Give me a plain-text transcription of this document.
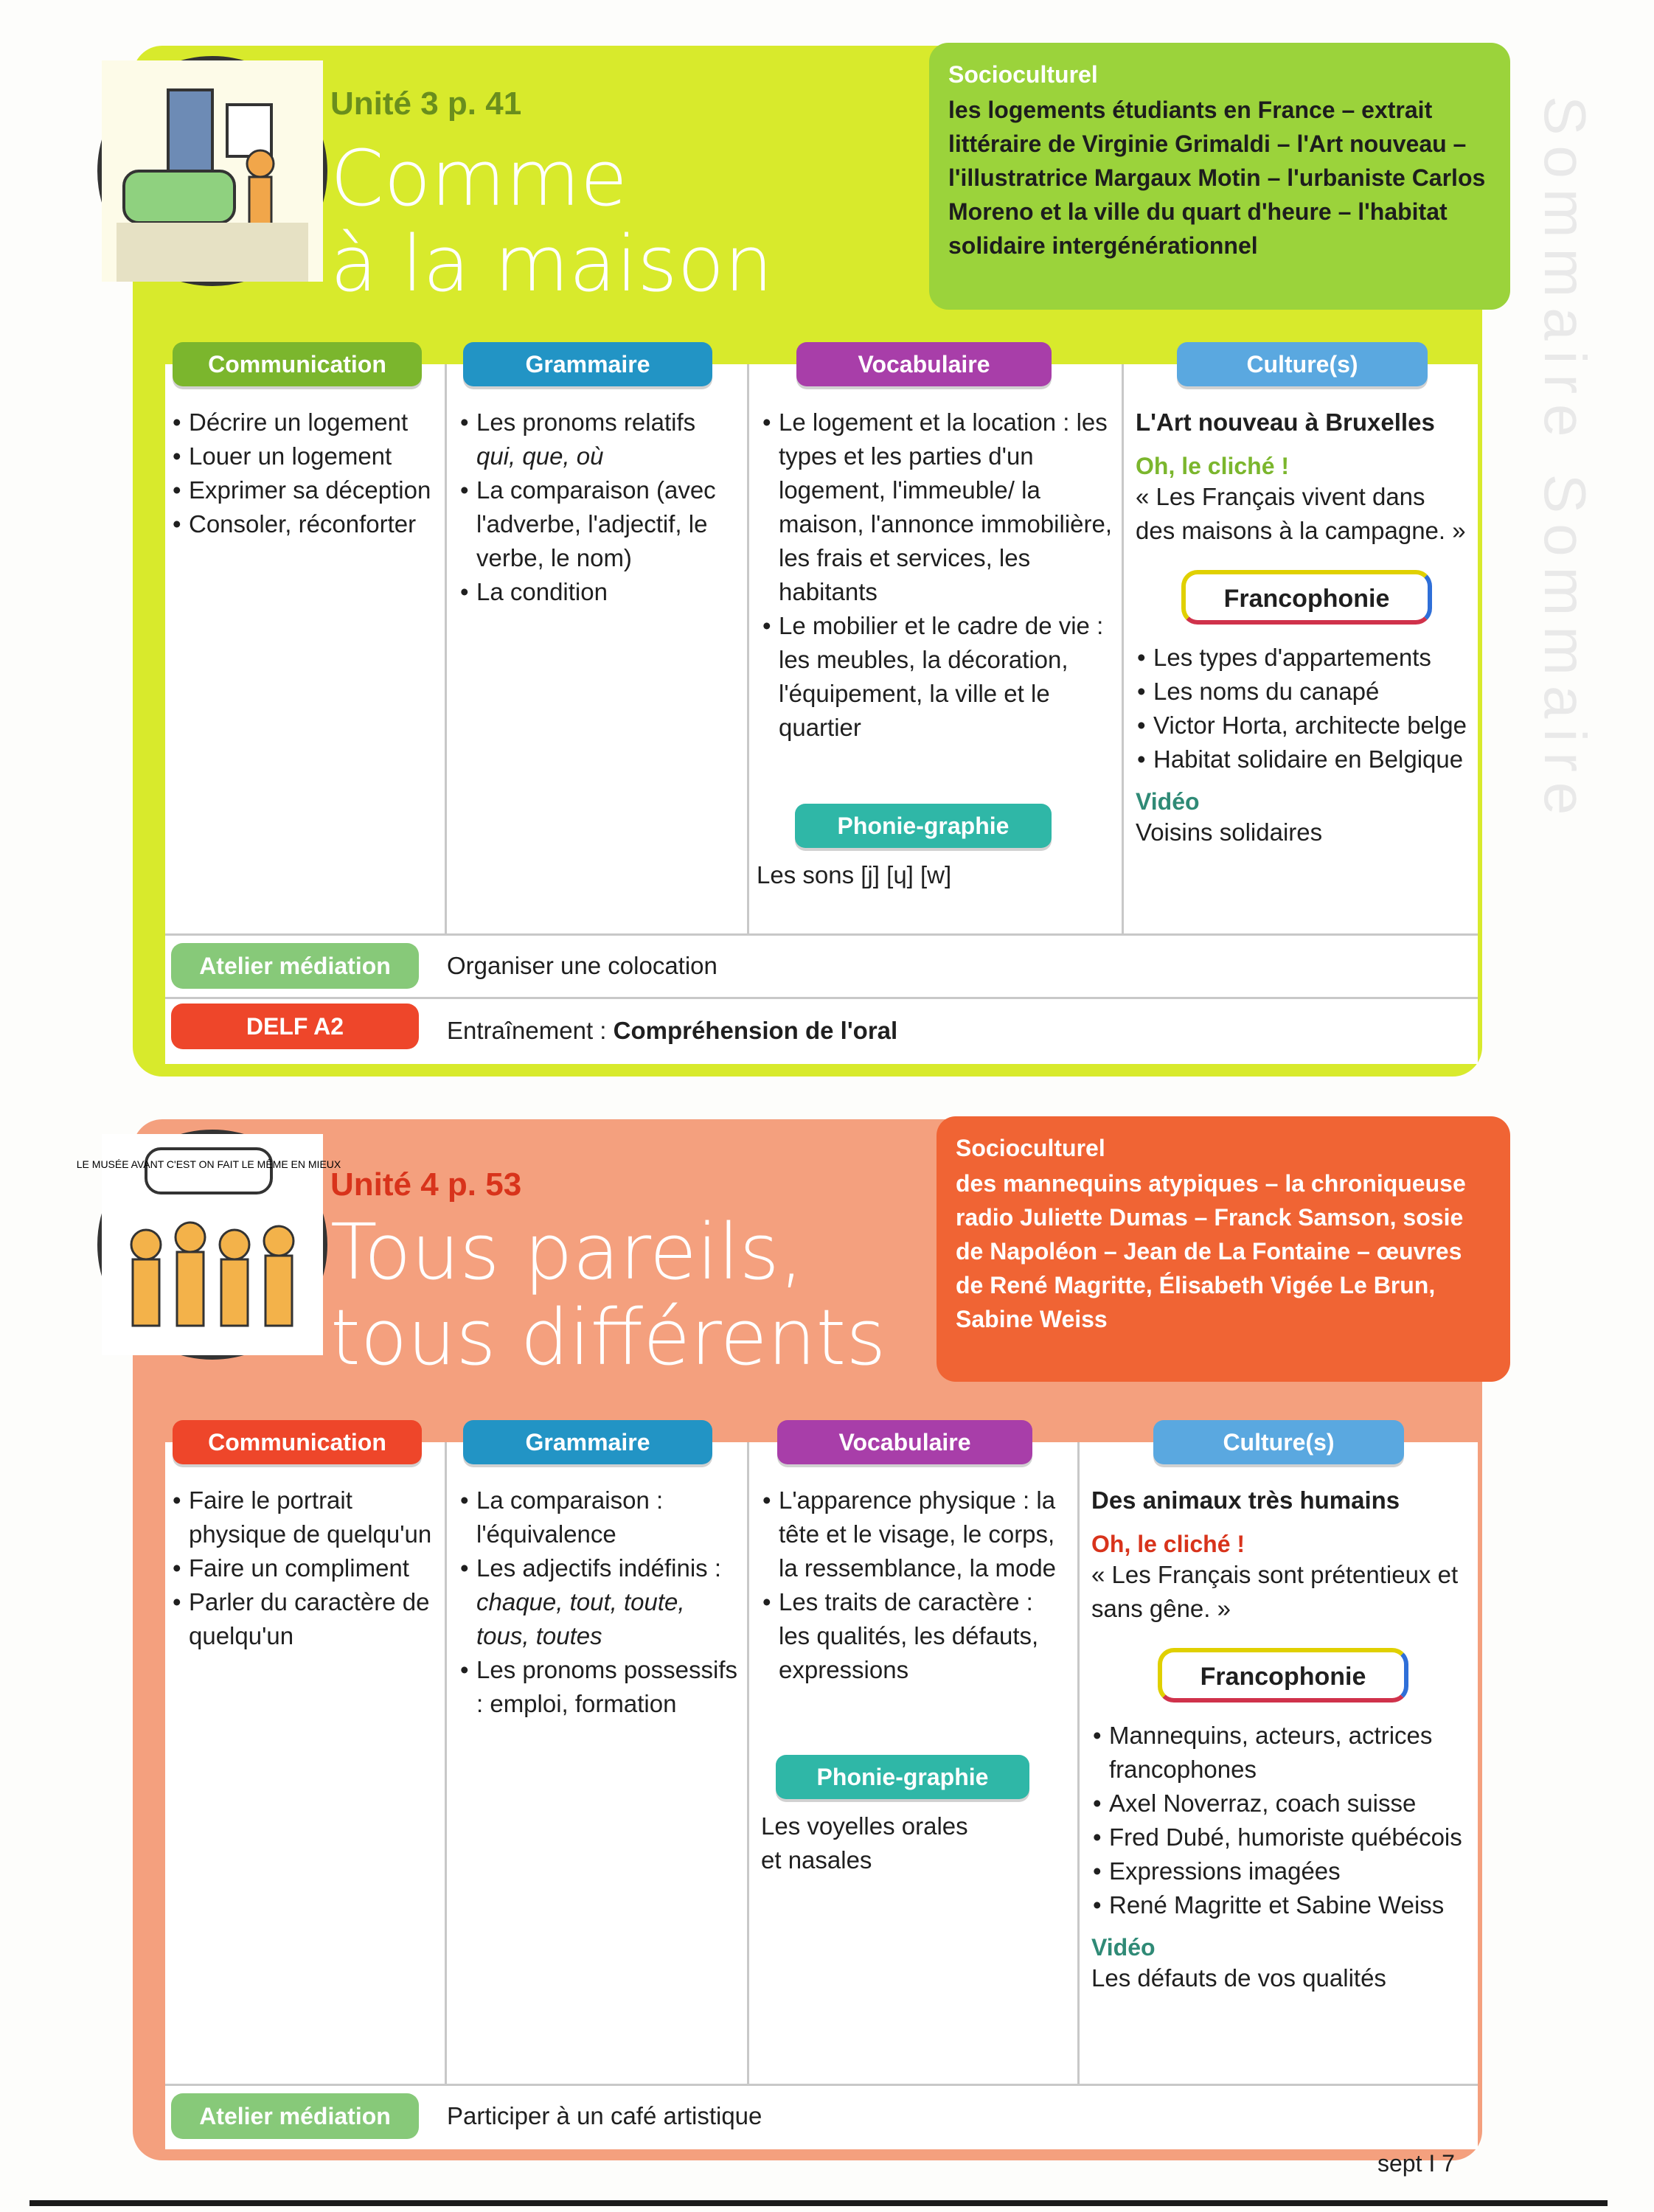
Unité 3 p. 41
Comme
à la maison
Socioculturel
les logements étudiants en France – extrait littéraire de Virginie Grimaldi – l'Art nouveau – l'illustratrice Margaux Motin – l'urbaniste Carlos Moreno et la ville du quart d'heure – l'habitat solidaire intergénérationnel
Communication
• Décrire un logement
• Louer un logement
• Exprimer sa déception
• Consoler, réconforter
Grammaire
• Les pronoms relatifs
qui, que, où
• La comparaison (avec l'adverbe, l'adjectif, le verbe, le nom)
• La condition
Vocabulaire
• Le logement et la location : les types et les parties d'un logement, l'immeuble/ la maison, l'annonce immobilière, les frais et services, les habitants
• Le mobilier et le cadre de vie : les meubles, la décoration, l'équipement, la ville et le quartier
Phonie-graphie
Les sons [j] [ɥ] [w]
Culture(s)
L'Art nouveau à Bruxelles
Oh, le cliché !
« Les Français vivent dans des maisons à la campagne. »
Francophonie
• Les types d'appartements
• Les noms du canapé
• Victor Horta, architecte belge
• Habitat solidaire en Belgique
Vidéo
Voisins solidaires
Atelier médiation	Organiser une colocation
DELF A2	Entraînement : Compréhension de l'oral
LE MUSÉE AVANT C'EST ON FAIT LE MÊME EN MIEUX
Unité 4 p. 53
Tous pareils,
tous différents
Socioculturel
des mannequins atypiques – la chroniqueuse radio Juliette Dumas – Franck Samson, sosie de Napoléon – Jean de La Fontaine – œuvres de René Magritte, Élisabeth Vigée Le Brun, Sabine Weiss
Communication
• Faire le portrait physique de quelqu'un
• Faire un compliment
• Parler du caractère de quelqu'un
Grammaire
• La comparaison : l'équivalence
• Les adjectifs indéfinis :
chaque, tout, toute, tous, toutes
• Les pronoms possessifs : emploi, formation
Vocabulaire
• L'apparence physique : la tête et le visage, le corps, la ressemblance, la mode
• Les traits de caractère : les qualités, les défauts, expressions
Phonie-graphie
Les voyelles orales et nasales
Culture(s)
Des animaux très humains
Oh, le cliché !
« Les Français sont prétentieux et sans gêne. »
Francophonie
• Mannequins, acteurs, actrices francophones
• Axel Noverraz, coach suisse
• Fred Dubé, humoriste québécois
• Expressions imagées
• René Magritte et Sabine Weiss
Vidéo
Les défauts de vos qualités
Atelier médiation	Participer à un café artistique
Sommaire Sommaire
sept I 7
